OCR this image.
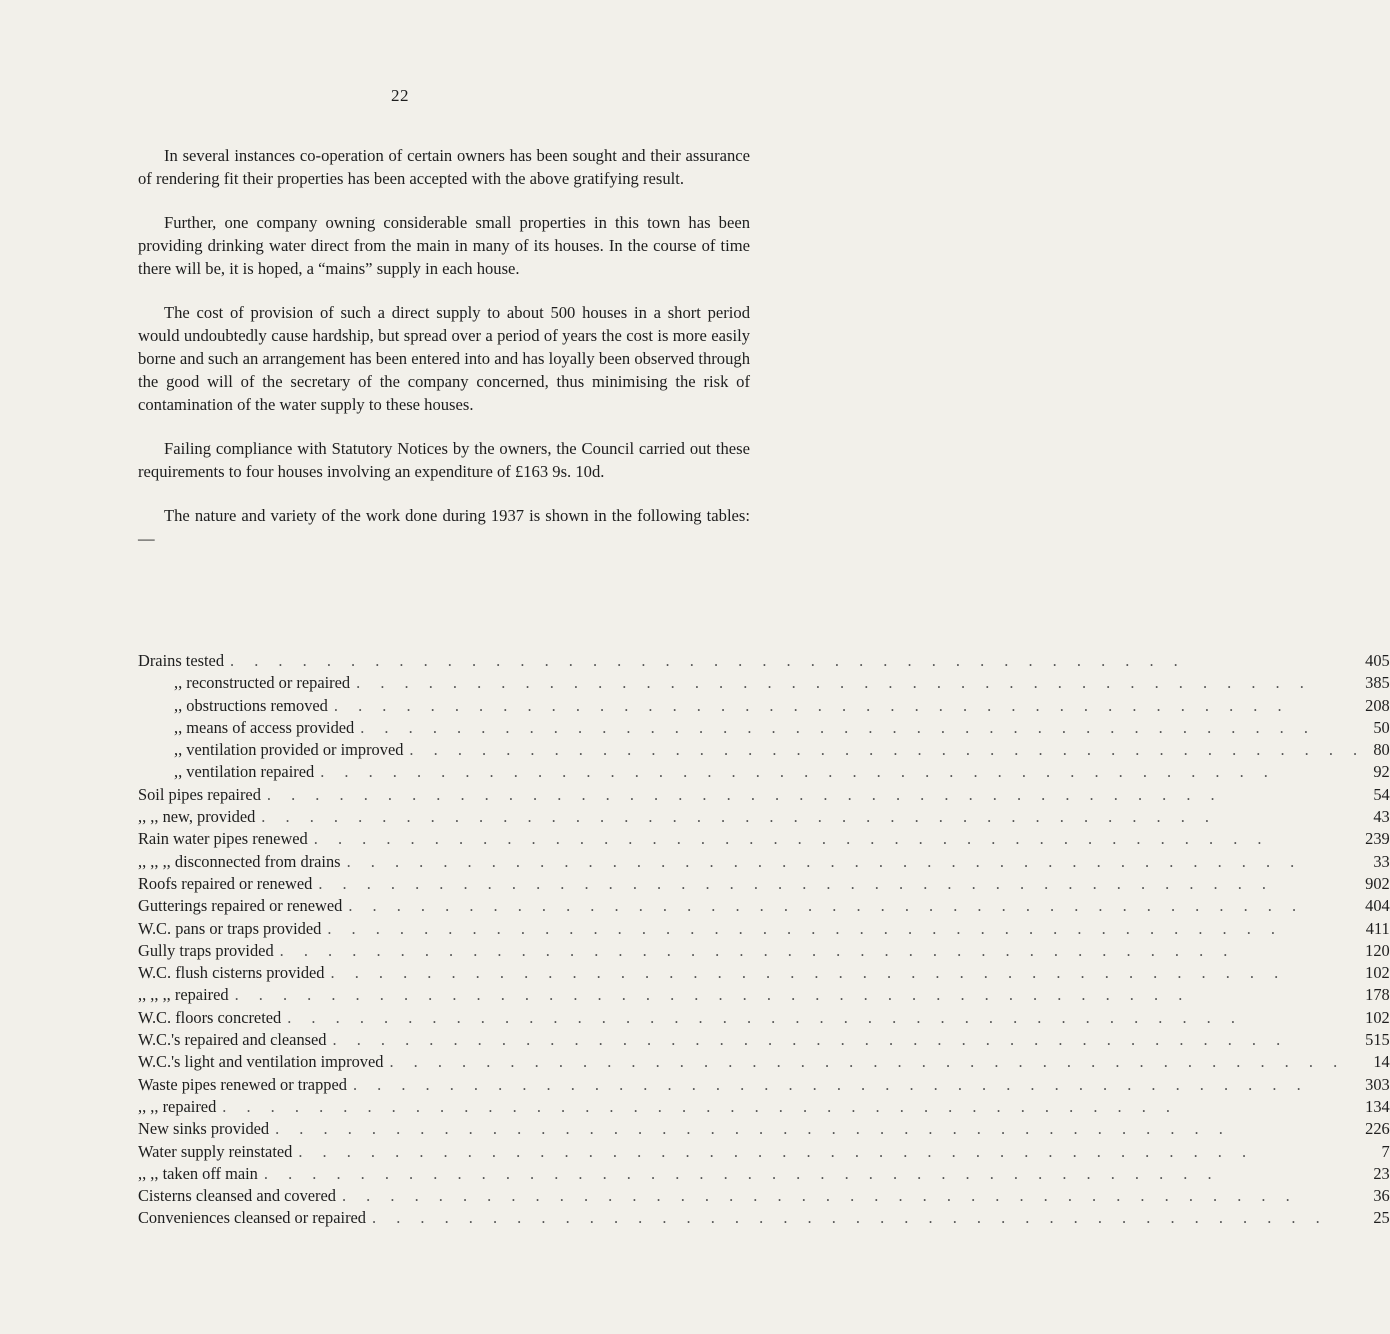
22

In several instances co-operation of certain owners has been sought and their assurance of rendering fit their properties has been accepted with the above gratifying result.

Further, one company owning considerable small properties in this town has been providing drinking water direct from the main in many of its houses. In the course of time there will be, it is hoped, a “mains” supply in each house.

The cost of provision of such a direct supply to about 500 houses in a short period would undoubtedly cause hardship, but spread over a period of years the cost is more easily borne and such an arrangement has been entered into and has loyally been observed through the good will of the secretary of the company concerned, thus minimising the risk of contamination of the water supply to these houses.

Failing compliance with Statutory Notices by the owners, the Council carried out these requirements to four houses involving an expenditure of £163 9s. 10d.

The nature and variety of the work done during 1937 is shown in the following tables:—

Drains tested . . . . . . . . . . . . . . . . . . . . . . . . . . . . . . . . . . . . . . . .	405
,, reconstructed or repaired . . . . . . . . . . . . . . . . . . . . . . . . . . . . . . . . . . . . . . . .	385
,, obstructions removed . . . . . . . . . . . . . . . . . . . . . . . . . . . . . . . . . . . . . . . .	208
,, means of access provided . . . . . . . . . . . . . . . . . . . . . . . . . . . . . . . . . . . . . . . .	50
,, ventilation provided or improved . . . . . . . . . . . . . . . . . . . . . . . . . . . . . . . . . . . . . . . .	80
,, ventilation repaired . . . . . . . . . . . . . . . . . . . . . . . . . . . . . . . . . . . . . . . .	92
Soil pipes repaired . . . . . . . . . . . . . . . . . . . . . . . . . . . . . . . . . . . . . . . .	54
,, ,, new, provided . . . . . . . . . . . . . . . . . . . . . . . . . . . . . . . . . . . . . . . .	43
Rain water pipes renewed . . . . . . . . . . . . . . . . . . . . . . . . . . . . . . . . . . . . . . . .	239
,, ,, ,, disconnected from drains . . . . . . . . . . . . . . . . . . . . . . . . . . . . . . . . . . . . . . . .	33
Roofs repaired or renewed . . . . . . . . . . . . . . . . . . . . . . . . . . . . . . . . . . . . . . . .	902
Gutterings repaired or renewed . . . . . . . . . . . . . . . . . . . . . . . . . . . . . . . . . . . . . . . .	404
W.C. pans or traps provided . . . . . . . . . . . . . . . . . . . . . . . . . . . . . . . . . . . . . . . .	411
Gully traps provided . . . . . . . . . . . . . . . . . . . . . . . . . . . . . . . . . . . . . . . .	120
W.C. flush cisterns provided . . . . . . . . . . . . . . . . . . . . . . . . . . . . . . . . . . . . . . . .	102
,, ,, ,, repaired . . . . . . . . . . . . . . . . . . . . . . . . . . . . . . . . . . . . . . . .	178
W.C. floors concreted . . . . . . . . . . . . . . . . . . . . . . . . . . . . . . . . . . . . . . . .	102
W.C.'s repaired and cleansed . . . . . . . . . . . . . . . . . . . . . . . . . . . . . . . . . . . . . . . .	515
W.C.'s light and ventilation improved . . . . . . . . . . . . . . . . . . . . . . . . . . . . . . . . . . . . . . . .	14
Waste pipes renewed or trapped . . . . . . . . . . . . . . . . . . . . . . . . . . . . . . . . . . . . . . . .	303
,, ,, repaired . . . . . . . . . . . . . . . . . . . . . . . . . . . . . . . . . . . . . . . .	134
New sinks provided . . . . . . . . . . . . . . . . . . . . . . . . . . . . . . . . . . . . . . . .	226
Water supply reinstated . . . . . . . . . . . . . . . . . . . . . . . . . . . . . . . . . . . . . . . .	7
,, ,, taken off main . . . . . . . . . . . . . . . . . . . . . . . . . . . . . . . . . . . . . . . .	23
Cisterns cleansed and covered . . . . . . . . . . . . . . . . . . . . . . . . . . . . . . . . . . . . . . . .	36
Conveniences cleansed or repaired . . . . . . . . . . . . . . . . . . . . . . . . . . . . . . . . . . . . . . . .	25
